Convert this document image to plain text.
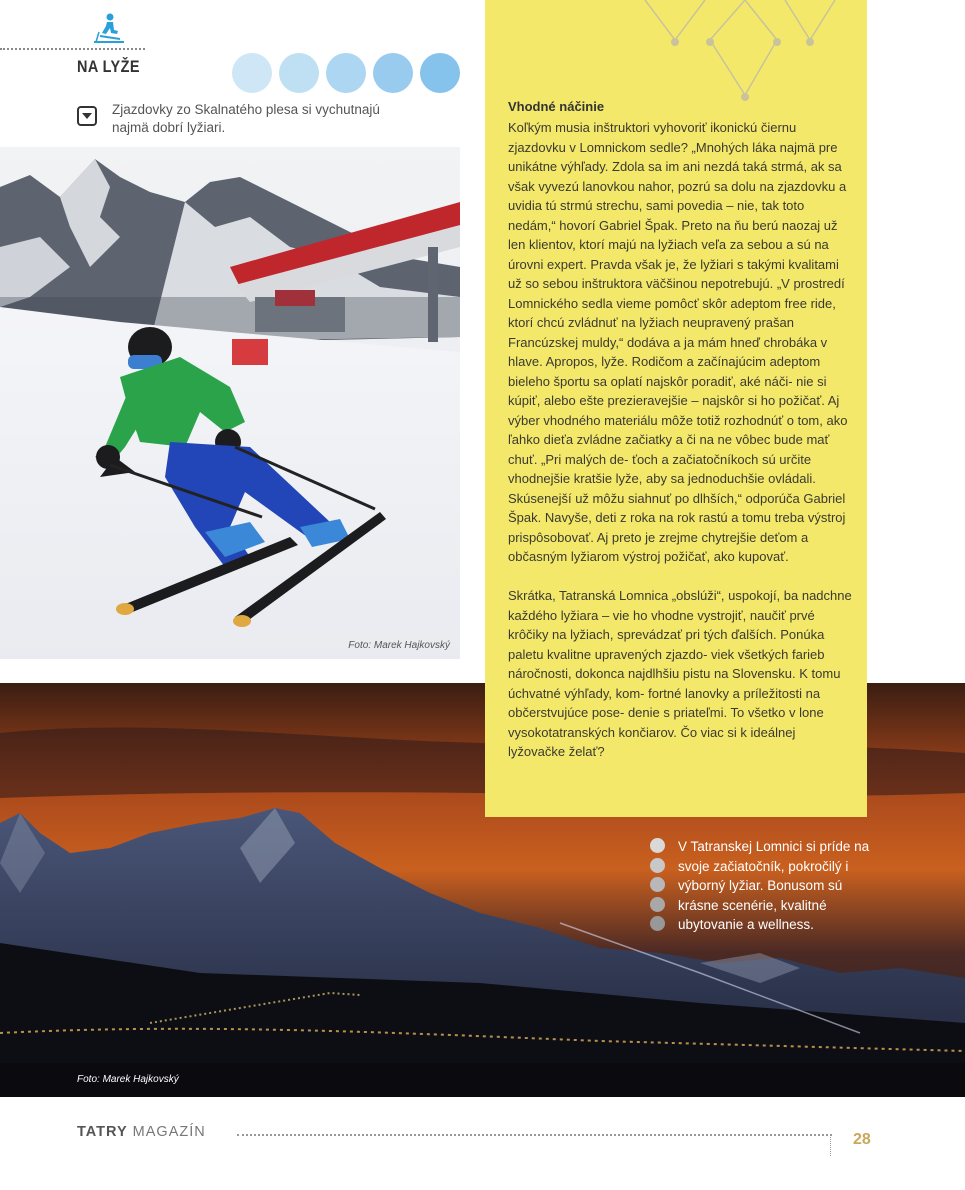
NA LYŽE
Zjazdovky zo Skalnatého plesa si vychutnajú najmä dobrí lyžiari.
Foto: Marek Hajkovský
Foto: Marek Hajkovský
Vhodné náčinie

Koľkým musia inštruktori vyhovoriť ikonickú čiernu zjazdovku v Lomnickom sedle? „Mnohých láka najmä pre unikátne výhľady. Zdola sa im ani nezdá taká strmá, ak sa však vyvezú lanovkou nahor, pozrú sa dolu na zjazdovku a uvidia tú strmú strechu, sami povedia – nie, tak toto nedám,“ hovorí Gabriel Špak. Preto na ňu berú naozaj už len klientov, ktorí majú na lyžiach veľa za sebou a sú na úrovni expert. Pravda však je, že lyžiari s takými kvalitami už so sebou inštruktora väčšinou nepotrebujú. „V prostredí Lomnického sedla vieme pomôcť skôr adeptom free ride, ktorí chcú zvládnuť na lyžiach neupravený prašan Francúzskej muldy,“ dodáva a ja mám hneď chrobáka v hlave. Apropos, lyže. Rodičom a začínajúcim adeptom bieleho športu sa oplatí najskôr poradiť, aké náči- nie si kúpiť, alebo ešte prezieravejšie – najskôr si ho požičať. Aj výber vhodného materiálu môže totiž rozhodnúť o tom, ako ľahko dieťa zvládne začiatky a či na ne vôbec bude mať chuť. „Pri malých de- ťoch a začiatočníkoch sú určite vhodnejšie kratšie lyže, aby sa jednoduchšie ovládali. Skúsenejší už môžu siahnuť po dlhších,“ odporúča Gabriel Špak. Navyše, deti z roka na rok rastú a tomu treba výstroj prispôsobovať. Aj preto je zrejme chytrejšie deťom a občasným lyžiarom výstroj požičať, ako kupovať.

Skrátka, Tatranská Lomnica „obslúži“, uspokojí, ba nadchne každého lyžiara – vie ho vhodne vystrojiť, naučiť prvé krôčiky na lyžiach, sprevádzať pri tých ďalších. Ponúka paletu kvalitne upravených zjazdo- viek všetkých farieb náročnosti, dokonca najdlhšiu pistu na Slovensku. K tomu úchvatné výhľady, kom- fortné lanovky a príležitosti na občerstvujúce pose- denie s priateľmi. To všetko v lone vysokotatranských končiarov. Čo viac si k ideálnej lyžovačke želať?

V Tatranskej Lomnici si príde na svoje začiatočník, pokročilý i výborný lyžiar. Bonusom sú krásne scenérie, kvalitné ubytovanie a wellness.
TATRY MAGAZÍN	28
